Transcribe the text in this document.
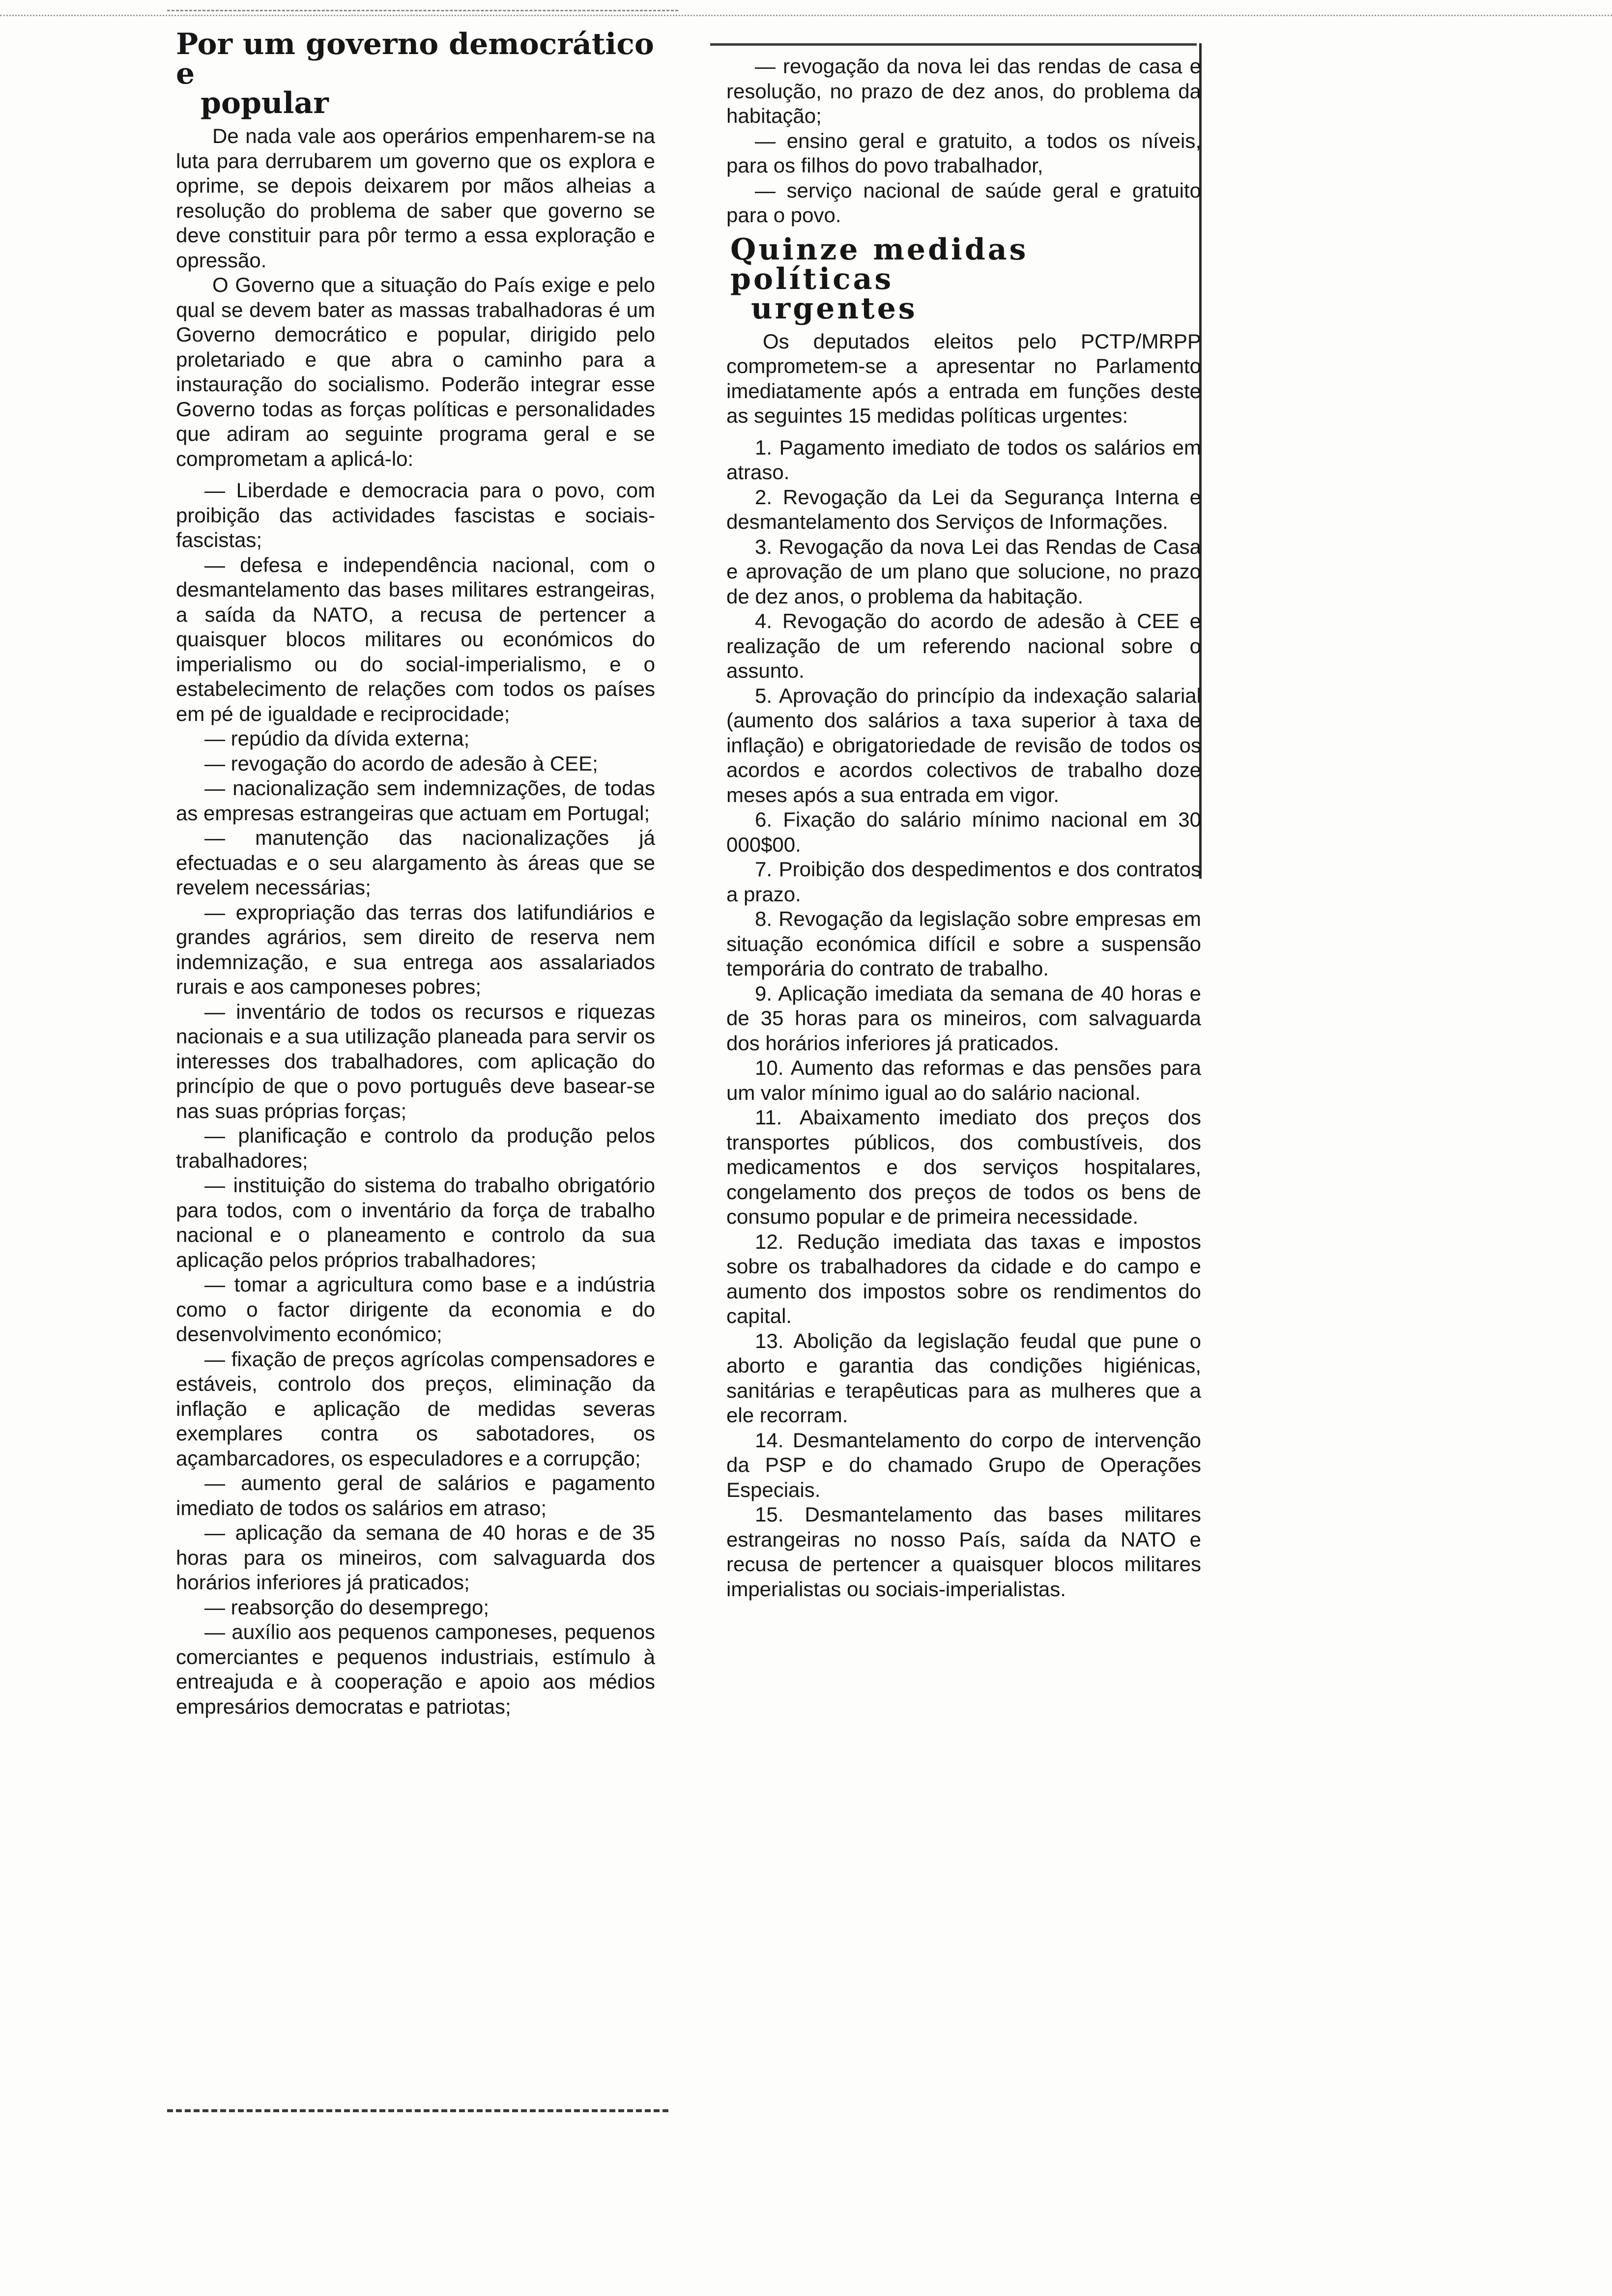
Por um governo democrático e
popular

De nada vale aos operários empenharem-se na luta para derrubarem um governo que os explora e oprime, se depois deixarem por mãos alheias a resolução do problema de saber que governo se deve constituir para pôr termo a essa exploração e opressão.

O Governo que a situação do País exige e pelo qual se devem bater as massas trabalhadoras é um Governo democrático e popular, dirigido pelo proletariado e que abra o caminho para a instauração do socialismo. Poderão integrar esse Governo todas as forças políticas e personalidades que adiram ao seguinte programa geral e se comprometam a aplicá-lo:

— Liberdade e democracia para o povo, com proibição das actividades fascistas e sociais-fascistas;

— defesa e independência nacional, com o desmantelamento das bases militares estrangeiras, a saída da NATO, a recusa de pertencer a quaisquer blocos militares ou económicos do imperialismo ou do social-imperialismo, e o estabelecimento de relações com todos os países em pé de igualdade e reciprocidade;

— repúdio da dívida externa;

— revogação do acordo de adesão à CEE;

— nacionalização sem indemnizações, de todas as empresas estrangeiras que actuam em Portugal;

— manutenção das nacionalizações já efectuadas e o seu alargamento às áreas que se revelem necessárias;

— expropriação das terras dos latifundiários e grandes agrários, sem direito de reserva nem indemnização, e sua entrega aos assalariados rurais e aos camponeses pobres;

— inventário de todos os recursos e riquezas nacionais e a sua utilização planeada para servir os interesses dos trabalhadores, com aplicação do princípio de que o povo português deve basear-se nas suas próprias forças;

— planificação e controlo da produção pelos trabalhadores;

— instituição do sistema do trabalho obrigatório para todos, com o inventário da força de trabalho nacional e o planeamento e controlo da sua aplicação pelos próprios trabalhadores;

— tomar a agricultura como base e a indústria como o factor dirigente da economia e do desenvolvimento económico;

— fixação de preços agrícolas compensadores e estáveis, controlo dos preços, eliminação da inflação e aplicação de medidas severas exemplares contra os sabotadores, os açambarcadores, os especuladores e a corrupção;

— aumento geral de salários e pagamento imediato de todos os salários em atraso;

— aplicação da semana de 40 horas e de 35 horas para os mineiros, com salvaguarda dos horários inferiores já praticados;

— reabsorção do desemprego;

— auxílio aos pequenos camponeses, pequenos comerciantes e pequenos industriais, estímulo à entreajuda e à cooperação e apoio aos médios empresários democratas e patriotas;

— revogação da nova lei das rendas de casa e resolução, no prazo de dez anos, do problema da habitação;

— ensino geral e gratuito, a todos os níveis, para os filhos do povo trabalhador,

— serviço nacional de saúde geral e gratuito para o povo.

Quinze medidas políticas
urgentes

Os deputados eleitos pelo PCTP/MRPP comprometem-se a apresentar no Parlamento imediatamente após a entrada em funções deste as seguintes 15 medidas políticas urgentes:

1. Pagamento imediato de todos os salários em atraso.

2. Revogação da Lei da Segurança Interna e desmantelamento dos Serviços de Informações.

3. Revogação da nova Lei das Rendas de Casa e aprovação de um plano que solucione, no prazo de dez anos, o problema da habitação.

4. Revogação do acordo de adesão à CEE e realização de um referendo nacional sobre o assunto.

5. Aprovação do princípio da indexação salarial (aumento dos salários a taxa superior à taxa de inflação) e obrigatoriedade de revisão de todos os acordos e acordos colectivos de trabalho doze meses após a sua entrada em vigor.

6. Fixação do salário mínimo nacional em 30 000$00.

7. Proibição dos despedimentos e dos contratos a prazo.

8. Revogação da legislação sobre empresas em situação económica difícil e sobre a suspensão temporária do contrato de trabalho.

9. Aplicação imediata da semana de 40 horas e de 35 horas para os mineiros, com salvaguarda dos horários inferiores já praticados.

10. Aumento das reformas e das pensões para um valor mínimo igual ao do salário nacional.

11. Abaixamento imediato dos preços dos transportes públicos, dos combustíveis, dos medicamentos e dos serviços hospitalares, congelamento dos preços de todos os bens de consumo popular e de primeira necessidade.

12. Redução imediata das taxas e impostos sobre os trabalhadores da cidade e do campo e aumento dos impostos sobre os rendimentos do capital.

13. Abolição da legislação feudal que pune o aborto e garantia das condições higiénicas, sanitárias e terapêuticas para as mulheres que a ele recorram.

14. Desmantelamento do corpo de intervenção da PSP e do chamado Grupo de Operações Especiais.

15. Desmantelamento das bases militares estrangeiras no nosso País, saída da NATO e recusa de pertencer a quaisquer blocos militares imperialistas ou sociais-imperialistas.
